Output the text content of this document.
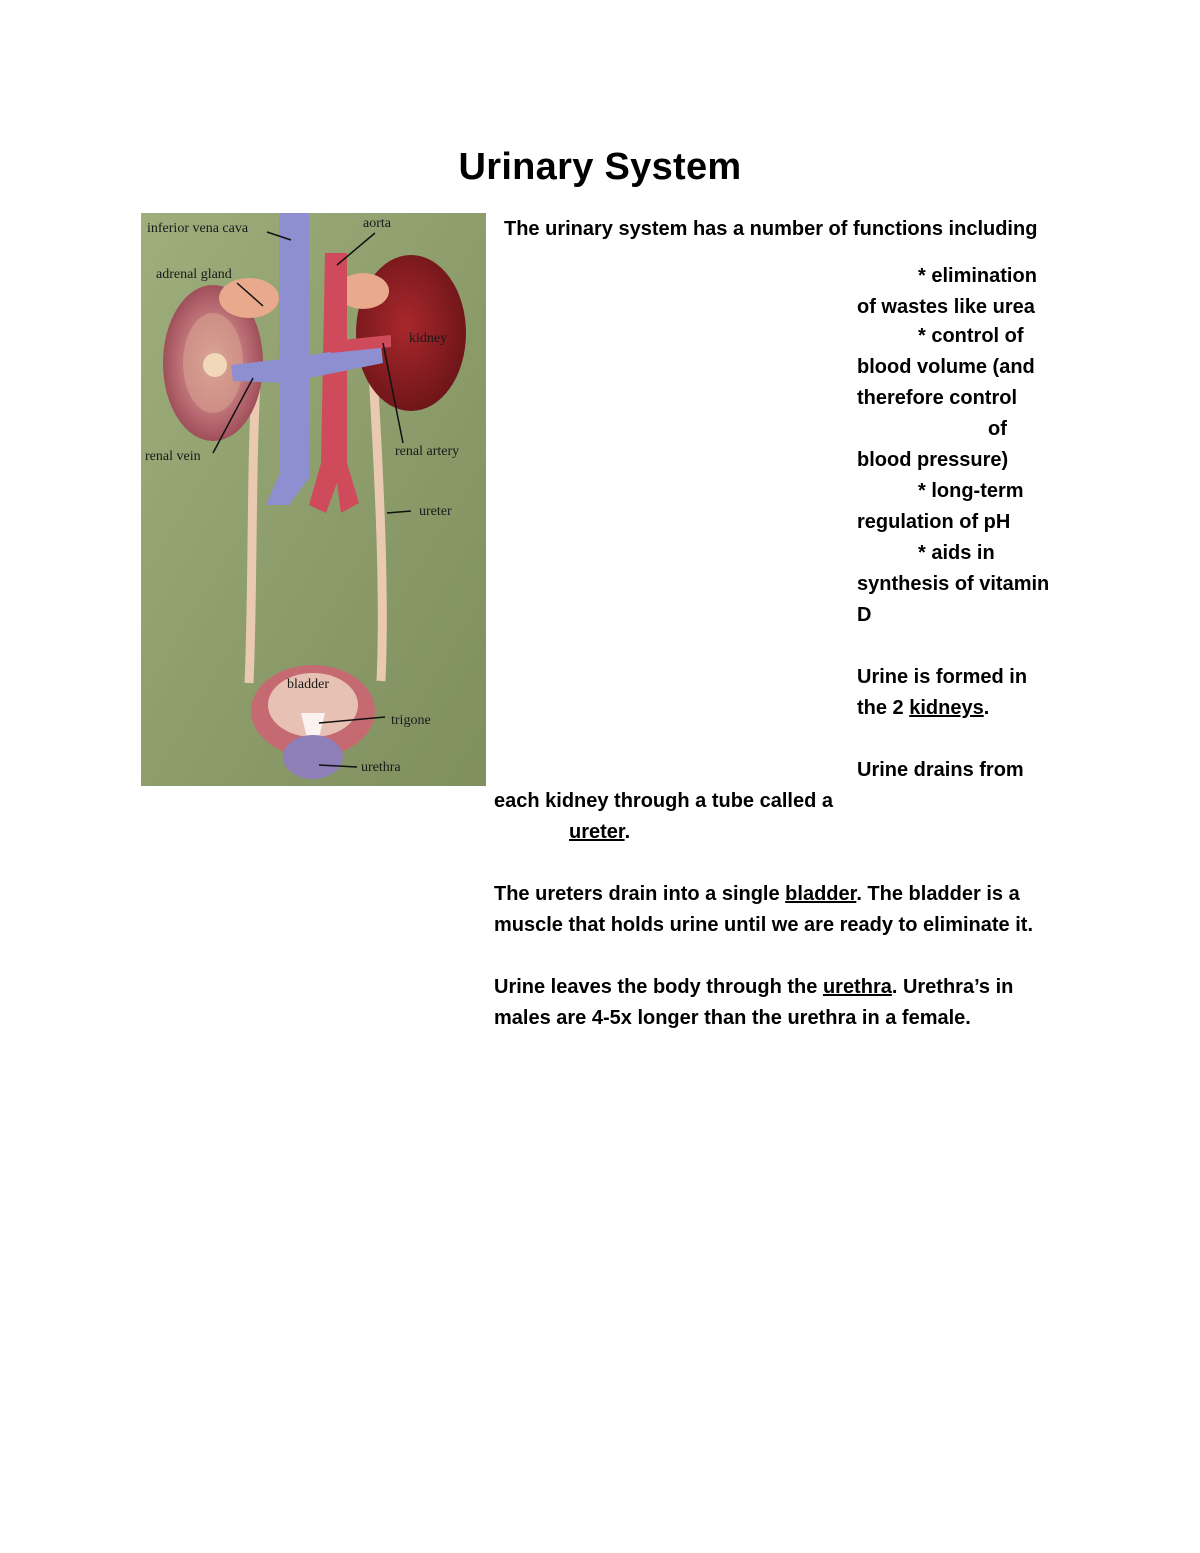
Urinary System
inferior vena cava	aorta
adrenal gland
kidney
renal vein	renal artery
ureter
bladder
trigone
urethra
The urinary system has a number of functions including
* elimination
of wastes like urea
* control of
blood volume (and
therefore control
of
blood pressure)
* long-term
regulation of pH
* aids in
synthesis of vitamin
D
Urine is formed in
the 2 kidneys.
Urine drains from
each kidney through a tube called a
ureter.
The ureters drain into a single bladder. The bladder is a
muscle that holds urine until we are ready to eliminate it.
Urine leaves the body through the urethra. Urethra’s in
males are 4-5x longer than the urethra in a female.
